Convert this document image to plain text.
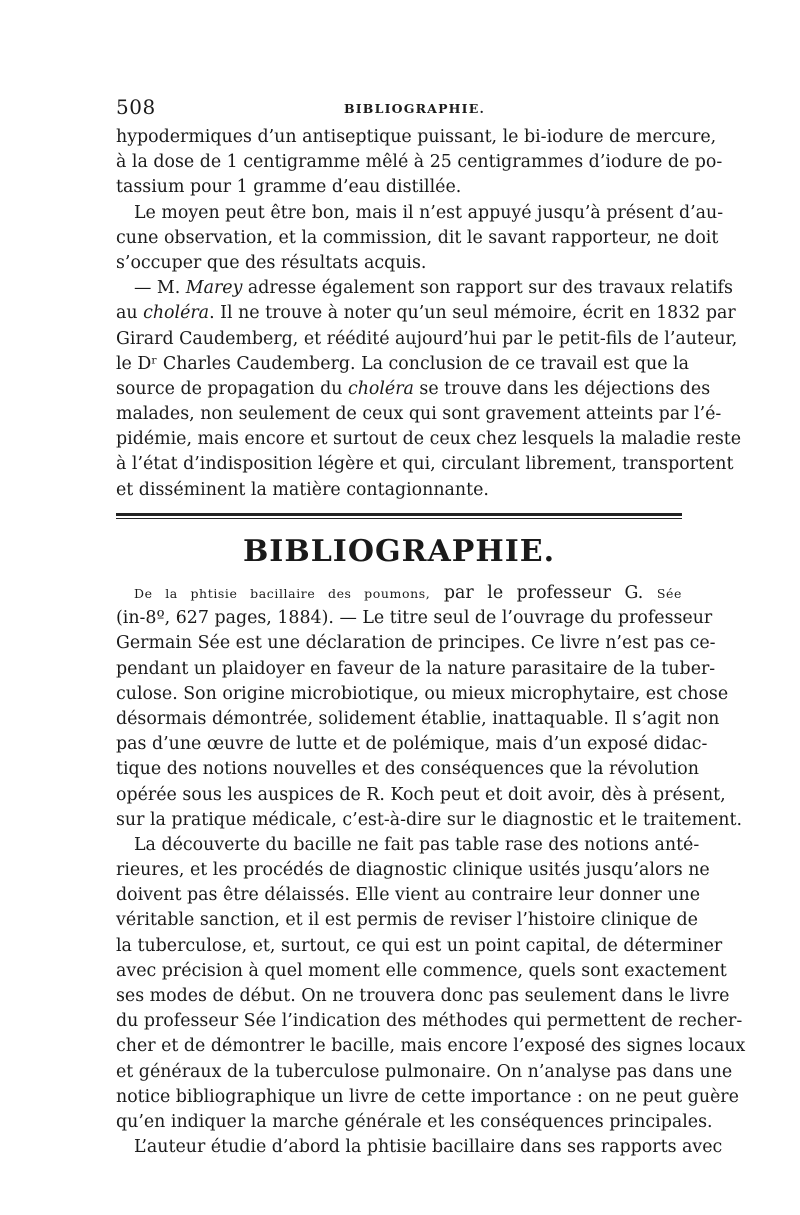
508	BIBLIOGRAPHIE.
hypodermiques d’un antiseptique puissant, le bi-iodure de mercure,
à la dose de 1 centigramme mêlé à 25 centigrammes d’iodure de po-
tassium pour 1 gramme d’eau distillée.
Le moyen peut être bon, mais il n’est appuyé jusqu’à présent d’au-
cune observation, et la commission, dit le savant rapporteur, ne doit
s’occuper que des résultats acquis.
— M. Marey adresse également son rapport sur des travaux relatifs
au choléra. Il ne trouve à noter qu’un seul mémoire, écrit en 1832 par
Girard Caudemberg, et réédité aujourd’hui par le petit-fils de l’auteur,
le Dʳ Charles Caudemberg. La conclusion de ce travail est que la
source de propagation du choléra se trouve dans les déjections des
malades, non seulement de ceux qui sont gravement atteints par l’é-
pidémie, mais encore et surtout de ceux chez lesquels la maladie reste
à l’état d’indisposition légère et qui, circulant librement, transportent
et disséminent la matière contagionnante.
BIBLIOGRAPHIE.
De la phtisie bacillaire des poumons, par le professeur G. Sée
(in-8º, 627 pages, 1884). — Le titre seul de l’ouvrage du professeur
Germain Sée est une déclaration de principes. Ce livre n’est pas ce-
pendant un plaidoyer en faveur de la nature parasitaire de la tuber-
culose. Son origine microbiotique, ou mieux microphytaire, est chose
désormais démontrée, solidement établie, inattaquable. Il s’agit non
pas d’une œuvre de lutte et de polémique, mais d’un exposé didac-
tique des notions nouvelles et des conséquences que la révolution
opérée sous les auspices de R. Koch peut et doit avoir, dès à présent,
sur la pratique médicale, c’est-à-dire sur le diagnostic et le traitement.
La découverte du bacille ne fait pas table rase des notions anté-
rieures, et les procédés de diagnostic clinique usités jusqu’alors ne
doivent pas être délaissés. Elle vient au contraire leur donner une
véritable sanction, et il est permis de reviser l’histoire clinique de
la tuberculose, et, surtout, ce qui est un point capital, de déterminer
avec précision à quel moment elle commence, quels sont exactement
ses modes de début. On ne trouvera donc pas seulement dans le livre
du professeur Sée l’indication des méthodes qui permettent de recher-
cher et de démontrer le bacille, mais encore l’exposé des signes locaux
et généraux de la tuberculose pulmonaire. On n’analyse pas dans une
notice bibliographique un livre de cette importance : on ne peut guère
qu’en indiquer la marche générale et les conséquences principales.
L’auteur étudie d’abord la phtisie bacillaire dans ses rapports avec
